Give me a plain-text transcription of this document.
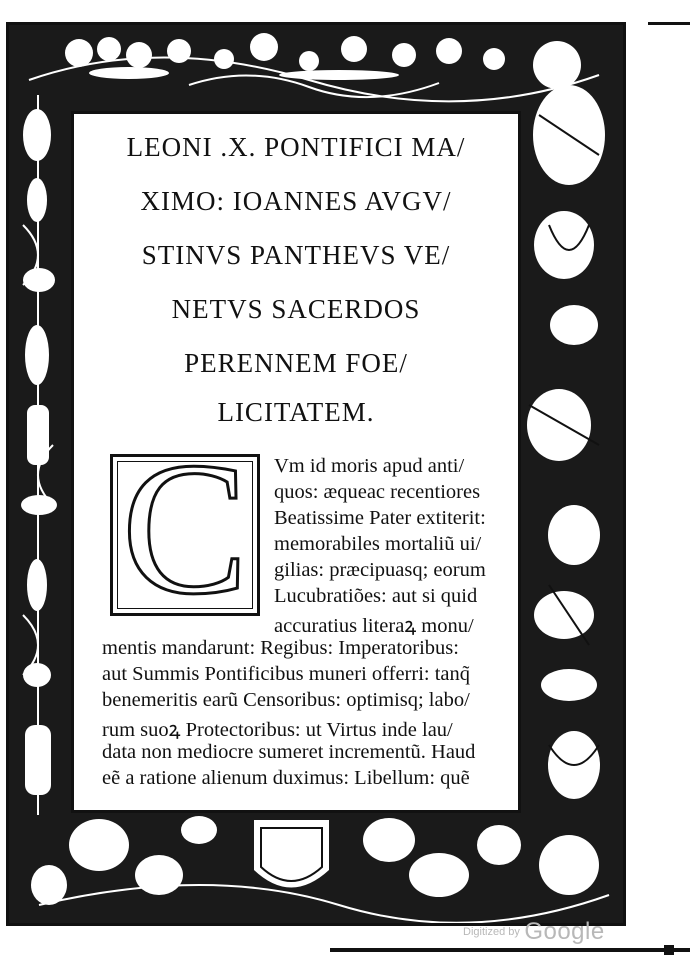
LEONI .X. PONTIFICI MA/
XIMO: IOANNES AVGV/
STINVS PANTHEVS VE/
NETVS SACERDOS
PERENNEM FOE/
LICITATEM.
C	Vm id moris apud anti/
quos: æqueac recentiores
Beatissime Pater extiterit:
memorabiles mortaliũ ui/
gilias: præcipuasq; eorum
Lucubratiões: aut si quid
accuratius literaꝝ monu/
mentis mandarunt: Regibus: Imperatoribus:
aut Summis Pontificibus muneri offerri: tanq̃
benemeritis earũ Censoribus: optimisq; labo/
rum suoꝝ Protectoribus: ut Virtus inde lau/
data non mediocre sumeret incrementũ. Haud
eẽ a ratione alienum duximus: Libellum: quẽ
Digitized by Google
